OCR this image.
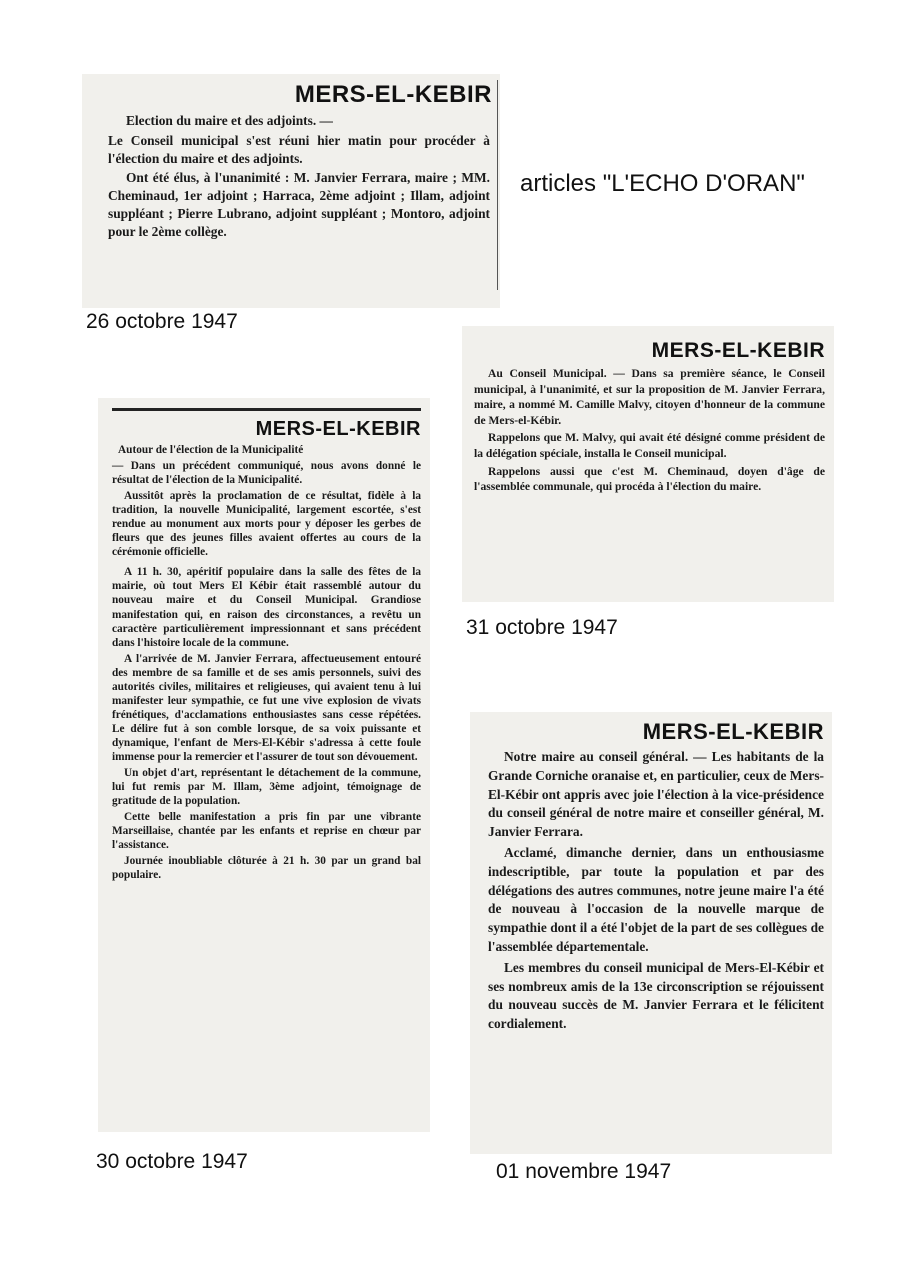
articles "L'ECHO D'ORAN"
MERS-EL-KEBIR

Election du maire et des adjoints. —

Le Conseil municipal s'est réuni hier matin pour procéder à l'élection du maire et des adjoints.

Ont été élus, à l'unanimité : M. Janvier Ferrara, maire ; MM. Cheminaud, 1er adjoint ; Harraca, 2ème adjoint ; Illam, adjoint suppléant ; Pierre Lubrano, adjoint suppléant ; Montoro, adjoint pour le 2ème collège.

26 octobre 1947
MERS-EL-KEBIR

Autour de l'élection de la Municipalité

— Dans un précédent communiqué, nous avons donné le résultat de l'élection de la Municipalité.

Aussitôt après la proclamation de ce résultat, fidèle à la tradition, la nouvelle Municipalité, largement escortée, s'est rendue au monument aux morts pour y déposer les gerbes de fleurs que des jeunes filles avaient offertes au cours de la cérémonie officielle.

A 11 h. 30, apéritif populaire dans la salle des fêtes de la mairie, où tout Mers El Kébir était rassemblé autour du nouveau maire et du Conseil Municipal. Grandiose manifestation qui, en raison des circonstances, a revêtu un caractère particulièrement impressionnant et sans précédent dans l'histoire locale de la commune.

A l'arrivée de M. Janvier Ferrara, affectueusement entouré des membre de sa famille et de ses amis personnels, suivi des autorités civiles, militaires et religieuses, qui avaient tenu à lui manifester leur sympathie, ce fut une vive explosion de vivats frénétiques, d'acclamations enthousiastes sans cesse répétées. Le délire fut à son comble lorsque, de sa voix puissante et dynamique, l'enfant de Mers-El-Kébir s'adressa à cette foule immense pour la remercier et l'assurer de tout son dévouement.

Un objet d'art, représentant le détachement de la commune, lui fut remis par M. Illam, 3ème adjoint, témoignage de gratitude de la population.

Cette belle manifestation a pris fin par une vibrante Marseillaise, chantée par les enfants et reprise en chœur par l'assistance.

Journée inoubliable clôturée à 21 h. 30 par un grand bal populaire.

30 octobre 1947
MERS-EL-KEBIR

Au Conseil Municipal. — Dans sa première séance, le Conseil municipal, à l'unanimité, et sur la proposition de M. Janvier Ferrara, maire, a nommé M. Camille Malvy, citoyen d'honneur de la commune de Mers-el-Kébir.

Rappelons que M. Malvy, qui avait été désigné comme président de la délégation spéciale, installa le Conseil municipal.

Rappelons aussi que c'est M. Cheminaud, doyen d'âge de l'assemblée communale, qui procéda à l'élection du maire.

31 octobre 1947
MERS-EL-KEBIR

Notre maire au conseil général. — Les habitants de la Grande Corniche oranaise et, en particulier, ceux de Mers-El-Kébir ont appris avec joie l'élection à la vice-présidence du conseil général de notre maire et conseiller général, M. Janvier Ferrara.

Acclamé, dimanche dernier, dans un enthousiasme indescriptible, par toute la population et par des délégations des autres communes, notre jeune maire l'a été de nouveau à l'occasion de la nouvelle marque de sympathie dont il a été l'objet de la part de ses collègues de l'assemblée départementale.

Les membres du conseil municipal de Mers-El-Kébir et ses nombreux amis de la 13e circonscription se réjouissent du nouveau succès de M. Janvier Ferrara et le félicitent cordialement.

01 novembre 1947
